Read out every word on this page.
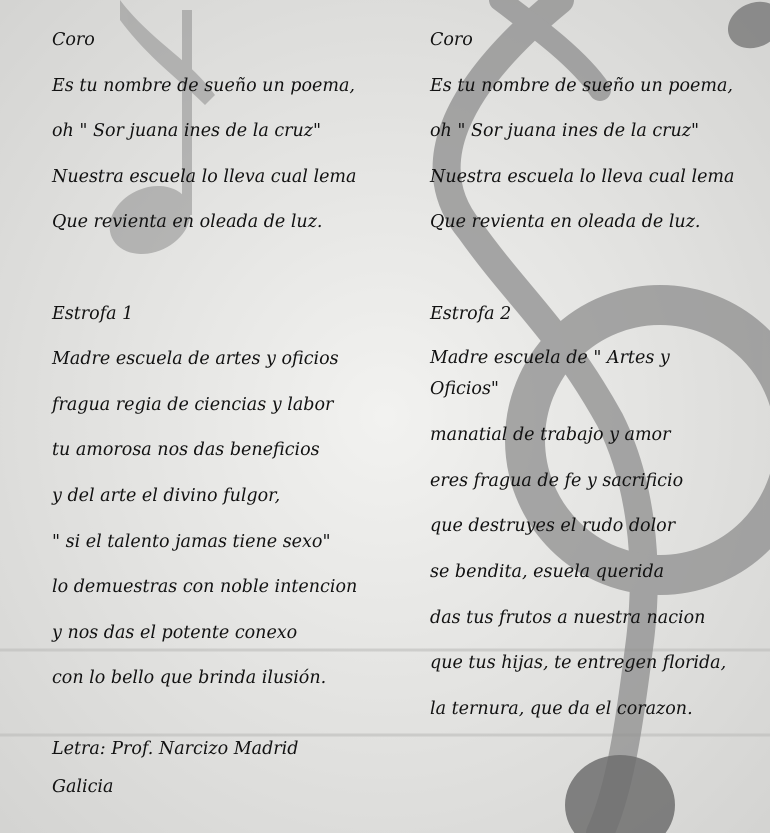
Coro
Es tu nombre de sueño un poema,
oh " Sor juana ines de la cruz"
Nuestra escuela lo lleva cual lema
Que revienta en oleada de luz.
Estrofa 1
Madre escuela de artes y oficios
fragua regia de ciencias y labor
tu amorosa nos das beneficios
y del arte el divino fulgor,
" si el talento jamas tiene sexo"
lo demuestras con noble intencion
y nos das el potente conexo
con lo bello que brinda ilusión.
Letra: Prof. Narcizo Madrid Galicia
Coro
Es tu nombre de sueño un poema,
oh " Sor juana ines de la cruz"
Nuestra escuela lo lleva cual lema
Que revienta en oleada de luz.
Estrofa 2
Madre escuela de " Artes y Oficios"
manatial de trabajo y amor
eres fragua de fe y sacrificio
que destruyes el rudo dolor
se bendita, esuela querida
das tus frutos a nuestra nacion
que tus hijas, te entregen florida,
la ternura, que da el corazon.
